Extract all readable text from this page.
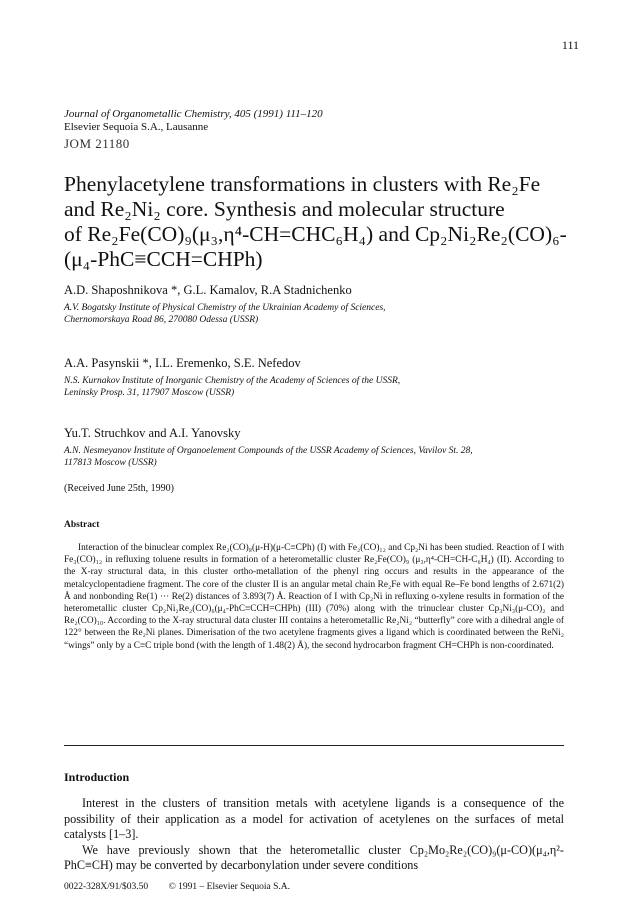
111
Journal of Organometallic Chemistry, 405 (1991) 111–120
Elsevier Sequoia S.A., Lausanne
JOM 21180
Phenylacetylene transformations in clusters with Re₂Fe
and Re₂Ni₂ core. Synthesis and molecular structure
of Re₂Fe(CO)₉(μ₃,η⁴-CH=CHC₆H₄) and Cp₂Ni₂Re₂(CO)₆-
(μ₄-PhC≡CCH=CHPh)
A.D. Shaposhnikova *, G.L. Kamalov, R.A Stadnichenko
A.V. Bogatsky Institute of Physical Chemistry of the Ukrainian Academy of Sciences,
Chernomorskaya Road 86, 270080 Odessa (USSR)
A.A. Pasynskii *, I.L. Eremenko, S.E. Nefedov
N.S. Kurnakov Institute of Inorganic Chemistry of the Academy of Sciences of the USSR,
Leninsky Prosp. 31, 117907 Moscow (USSR)
Yu.T. Struchkov and A.I. Yanovsky
A.N. Nesmeyanov Institute of Organoelement Compounds of the USSR Academy of Sciences, Vavilov St. 28,
117813 Moscow (USSR)
(Received June 25th, 1990)
Abstract
Interaction of the binuclear complex Re₂(CO)₈(μ-H)(μ-C≡CPh) (I) with Fe₂(CO)₁₂ and Cp₂Ni has been studied. Reaction of I with Fe₃(CO)₁₂ in refluxing toluene results in formation of a heterometallic cluster Re₂Fe(CO)₉ (μ₃,η⁴-CH=CH-C₆H₄) (II). According to the X-ray structural data, in this cluster ortho-metallation of the phenyl ring occurs and results in the appearance of the metalcyclopentadiene fragment. The core of the cluster II is an angular metal chain Re₂Fe with equal Re–Fe bond lengths of 2.671(2) Å and nonbonding Re(1) ··· Re(2) distances of 3.893(7) Å. Reaction of I with Cp₂Ni in refluxing o-xylene results in formation of the heterometallic cluster Cp₂Ni₂Re₂(CO)₆(μ₄-PhC≡CCH=CHPh) (III) (70%) along with the trinuclear cluster Cp₃Ni₃(μ-CO)₂ and Re₂(CO)₁₀. According to the X-ray structural data cluster III contains a heterometallic Re₂Ni₂ “butterfly” core with a dihedral angle of 122° between the Re₂Ni planes. Dimerisation of the two acetylene fragments gives a ligand which is coordinated between the ReNi₂ “wings” only by a C≡C triple bond (with the length of 1.48(2) Å), the second hydrocarbon fragment CH=CHPh is non-coordinated.
Introduction

Interest in the clusters of transition metals with acetylene ligands is a consequence of the possibility of their application as a model for activation of acetylenes on the surfaces of metal catalysts [1–3].

We have previously shown that the heterometallic cluster Cp₂Mo₂Re₂(CO)₉(μ-CO)(μ₄,η²-PhC≡CH) may be converted by decarbonylation under severe conditions

0022-328X/91/$03.50 © 1991 – Elsevier Sequoia S.A.
